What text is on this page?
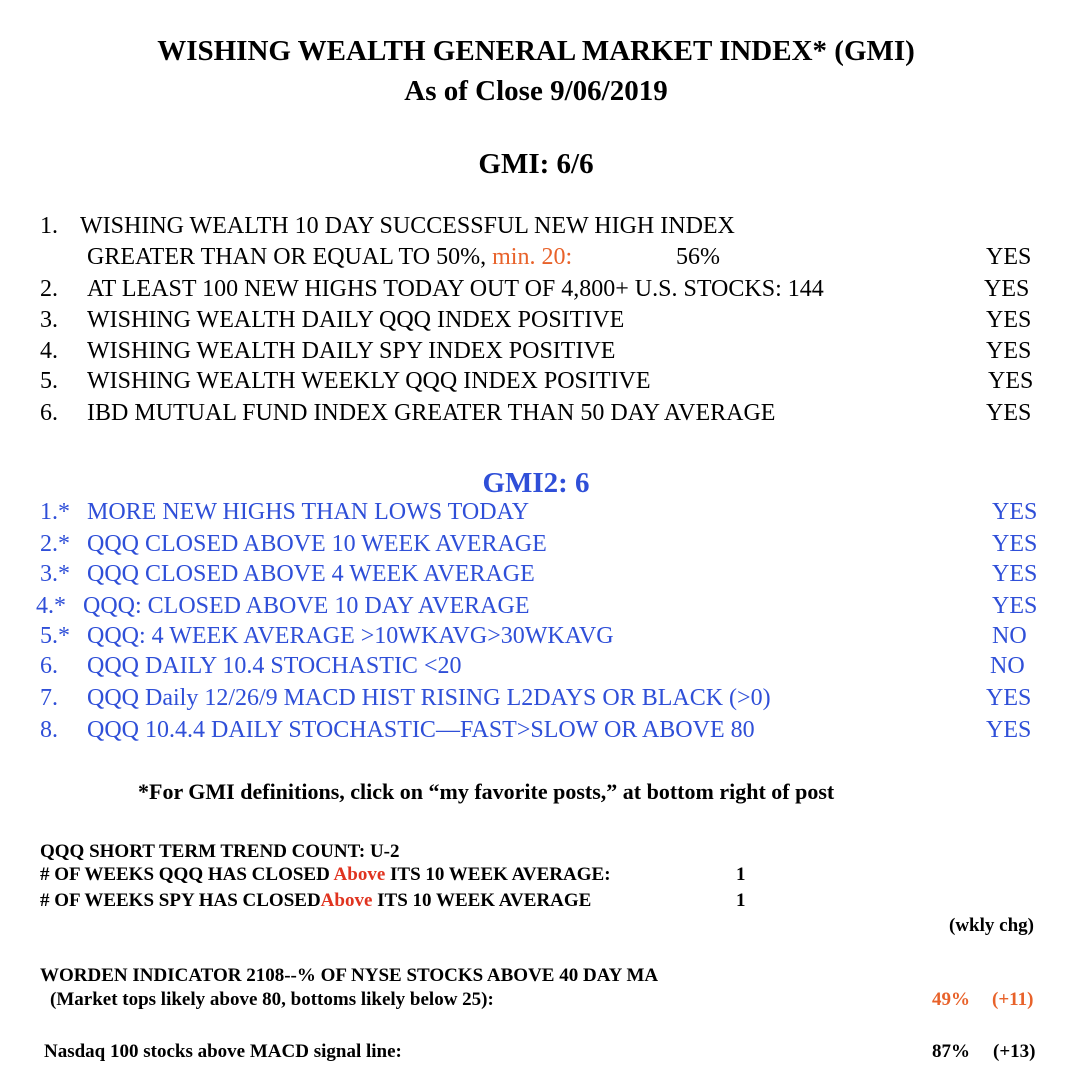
WISHING WEALTH GENERAL MARKET INDEX* (GMI)
As of Close 9/06/2019
GMI: 6/6
1. WISHING WEALTH 10 DAY SUCCESSFUL NEW HIGH INDEX
GREATER THAN OR EQUAL TO 50%, min. 20:	56%	YES
2. AT LEAST 100 NEW HIGHS TODAY OUT OF 4,800+ U.S. STOCKS: 144	YES
3. WISHING WEALTH DAILY QQQ INDEX POSITIVE	YES
4. WISHING WEALTH DAILY SPY INDEX POSITIVE	YES
5. WISHING WEALTH WEEKLY QQQ INDEX POSITIVE	YES
6. IBD MUTUAL FUND INDEX GREATER THAN 50 DAY AVERAGE	YES
GMI2: 6
1.* MORE NEW HIGHS THAN LOWS TODAY	YES
2.* QQQ CLOSED ABOVE 10 WEEK AVERAGE	YES
3.* QQQ CLOSED ABOVE 4 WEEK AVERAGE	YES
4.* QQQ: CLOSED ABOVE 10 DAY AVERAGE	YES
5.* QQQ: 4 WEEK AVERAGE >10WKAVG>30WKAVG	NO
6. QQQ DAILY 10.4 STOCHASTIC <20	NO
7. QQQ Daily 12/26/9 MACD HIST RISING L2DAYS OR BLACK (>0)	YES
8. QQQ 10.4.4 DAILY STOCHASTIC—FAST>SLOW OR ABOVE 80	YES
*For GMI definitions, click on “my favorite posts,” at bottom right of post
QQQ SHORT TERM TREND COUNT: U-2
# OF WEEKS QQQ HAS CLOSED Above ITS 10 WEEK AVERAGE:	1
# OF WEEKS SPY HAS CLOSEDAbove ITS 10 WEEK AVERAGE	1
(wkly chg)
WORDEN INDICATOR 2108--% OF NYSE STOCKS ABOVE 40 DAY MA
(Market tops likely above 80, bottoms likely below 25):	49% (+11)
Nasdaq 100 stocks above MACD signal line:	87% (+13)
